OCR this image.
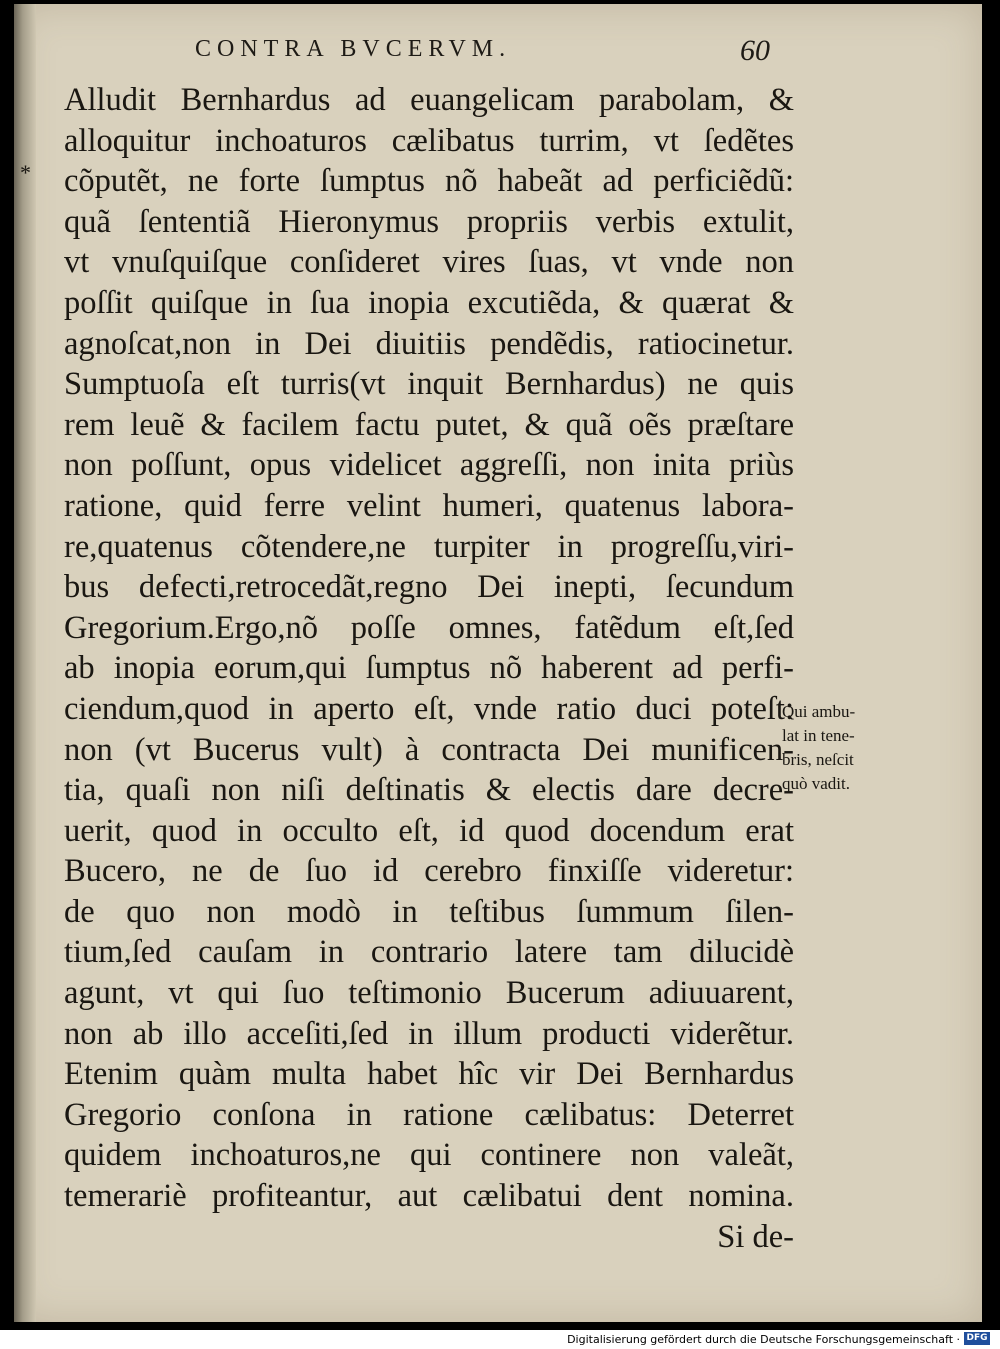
CONTRA BVCERVM.	60
*
Alludit Bernhardus ad euangelicam parabolam, &
alloquitur inchoaturos cælibatus turrim, vt ſedẽtes
cõputẽt, ne forte ſumptus nõ habeãt ad perficiẽdũ:
quã ſententiã Hieronymus propriis verbis extulit,
vt vnuſquiſque conſideret vires ſuas, vt vnde non
poſſit quiſque in ſua inopia excutiẽda, & quærat &
agnoſcat,non in Dei diuitiis pendẽdis, ratiocinetur.
Sumptuoſa eſt turris(vt inquit Bernhardus) ne quis
rem leuẽ & facilem factu putet, & quã oẽs præſtare
non poſſunt, opus videlicet aggreſſi, non inita priùs
ratione, quid ferre velint humeri, quatenus labora-
re,quatenus cõtendere,ne turpiter in progreſſu,viri-
bus defecti,retrocedãt,regno Dei inepti, ſecundum
Gregorium.Ergo,nõ poſſe omnes, fatẽdum eſt,ſed
ab inopia eorum,qui ſumptus nõ haberent ad perfi-
ciendum,quod in aperto eſt, vnde ratio duci poteſt:
non (vt Bucerus vult) à contracta Dei munificen-
tia, quaſi non niſi deſtinatis & electis dare decre-
uerit, quod in occulto eſt, id quod docendum erat
Bucero, ne de ſuo id cerebro finxiſſe videretur:
de quo non modò in teſtibus ſummum ſilen-
tium,ſed cauſam in contrario latere tam dilucidè
agunt, vt qui ſuo teſtimonio Bucerum adiuuarent,
non ab illo acceſiti,ſed in illum producti viderẽtur.
Etenim quàm multa habet hîc vir Dei Bernhardus
Gregorio conſona in ratione cælibatus: Deterret
quidem inchoaturos,ne qui continere non valeãt,
temerariè profiteantur, aut cælibatui dent nomina.
Si de-
Qui ambu-
lat in tene-
bris, neſcit
quò vadit.
Digitalisierung gefördert durch die Deutsche Forschungsgemeinschaft · DFG
